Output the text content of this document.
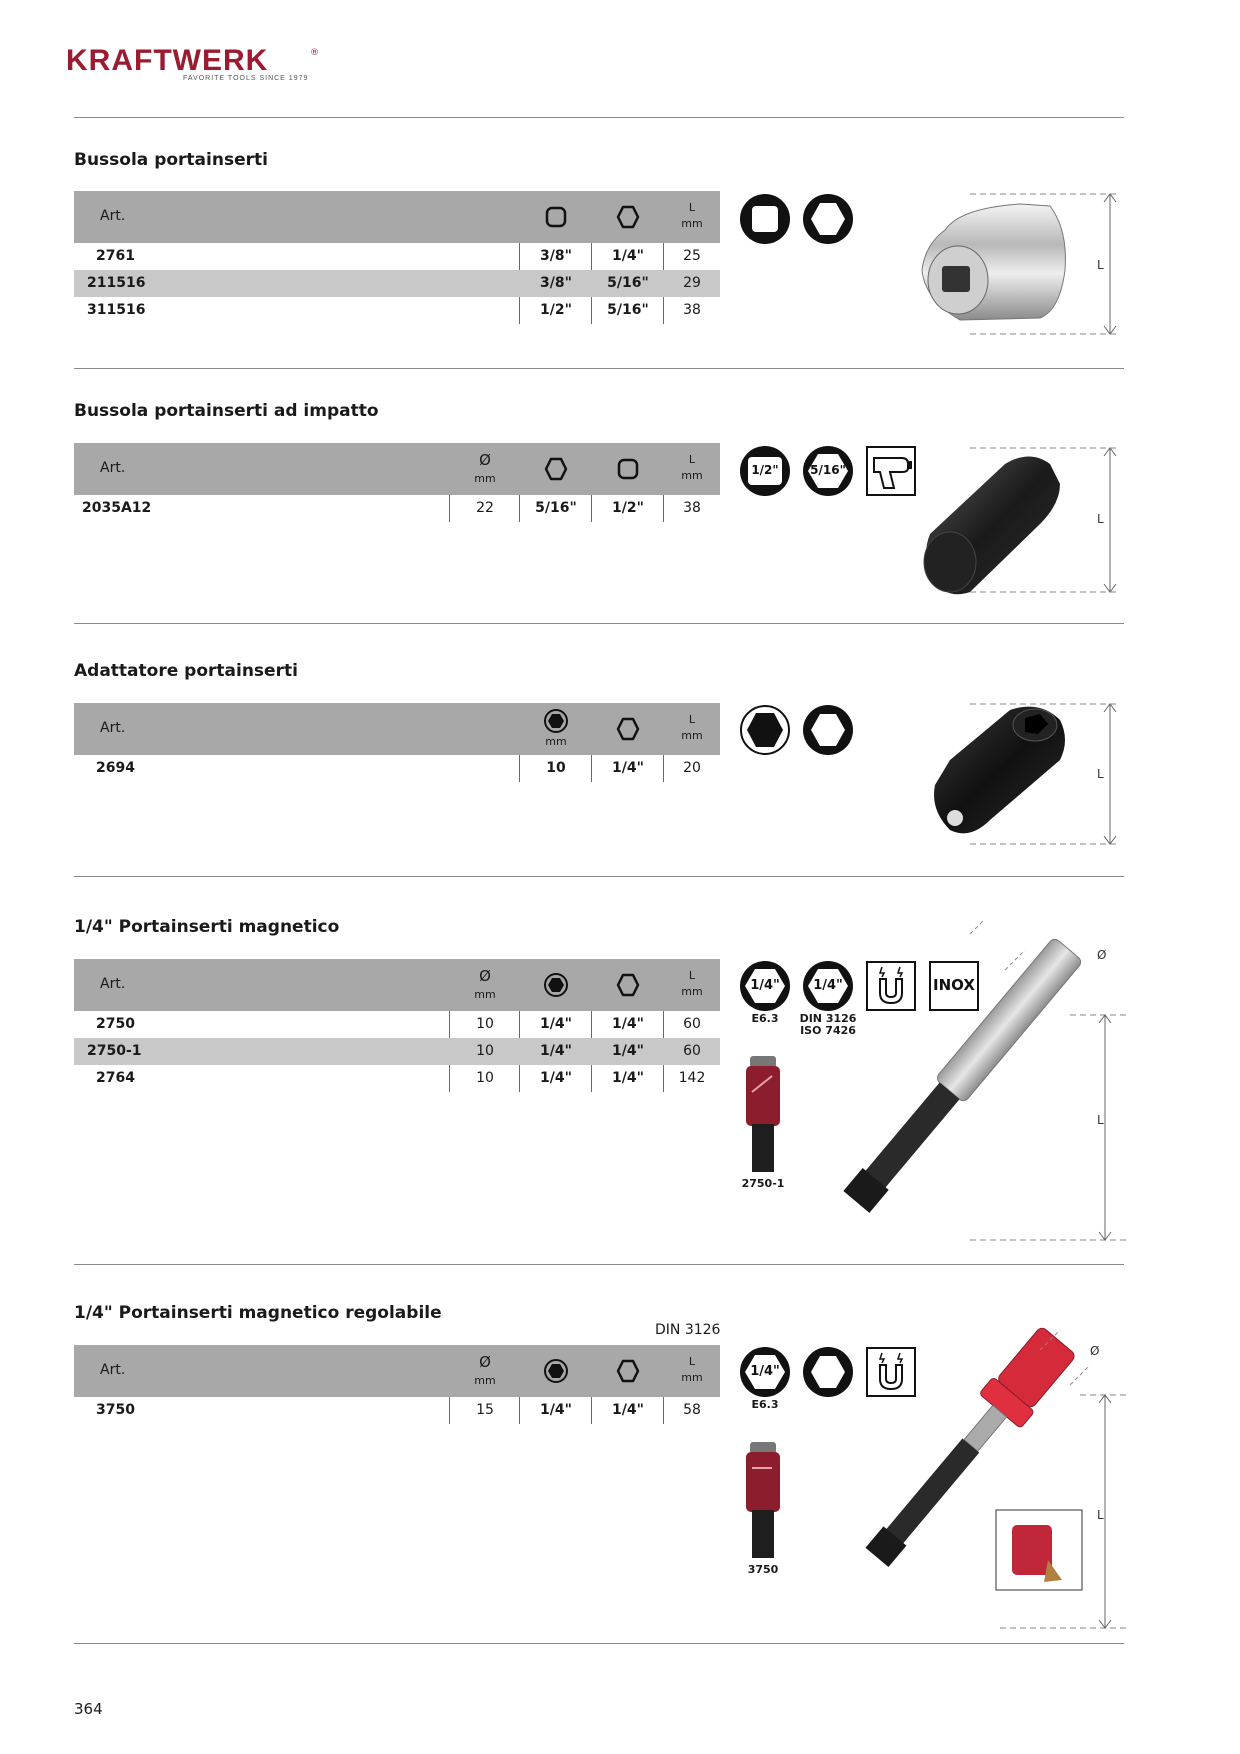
KRAFTWERK	®
FAVORITE TOOLS SINCE 1979
Bussola portainserti
Art.
L
mm
2761	3/8"	1/4"	25
211516	3/8"	5/16"	29
311516	1/2"	5/16"	38
L
Bussola portainserti ad impatto
Art.	Ø
mm
L
mm
2035A12	22	5/16"	1/2"	38
1/2"	5/16"
L
Adattatore portainserti
Art.
mm
L
mm
2694	10	1/4"	20	L
1/4" Portainserti magnetico
Art.	Ø
mm
L
mm
2750	10	1/4"	1/4"	60
2750-1	10	1/4"	1/4"	60
2764	10	1/4"	1/4"	142
1/4"
E6.3
1/4"
DIN 3126
ISO 7426
INOX
2750-1
Ø
L
1/4" Portainserti magnetico regolabile
DIN 3126
Art.	Ø
mm
L
mm
3750	15	1/4"	1/4"	58
1/4"
E6.3
3750
Ø
L
364
